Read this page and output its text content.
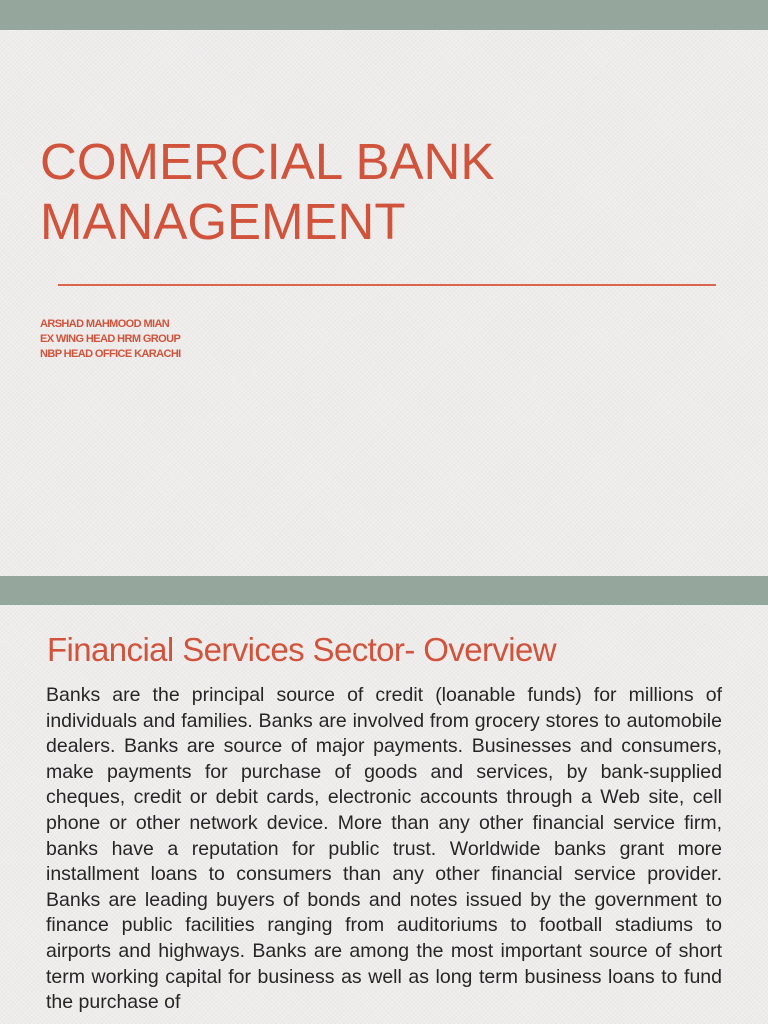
COMERCIAL BANK
MANAGEMENT
ARSHAD MAHMOOD MIAN
EX WING HEAD HRM GROUP
NBP HEAD OFFICE KARACHI
Financial Services Sector- Overview

Banks are the principal source of credit (loanable funds) for millions of individuals and families. Banks are involved from grocery stores to automobile dealers. Banks are source of major payments. Businesses and consumers, make payments for purchase of goods and services, by bank-supplied cheques, credit or debit cards, electronic accounts through a Web site, cell phone or other network device. More than any other financial service firm, banks have a reputation for public trust. Worldwide banks grant more installment loans to consumers than any other financial service provider. Banks are leading buyers of bonds and notes issued by the government to finance public facilities ranging from auditoriums to football stadiums to airports and highways. Banks are among the most important source of short term working capital for business as well as long term business loans to fund the purchase of
